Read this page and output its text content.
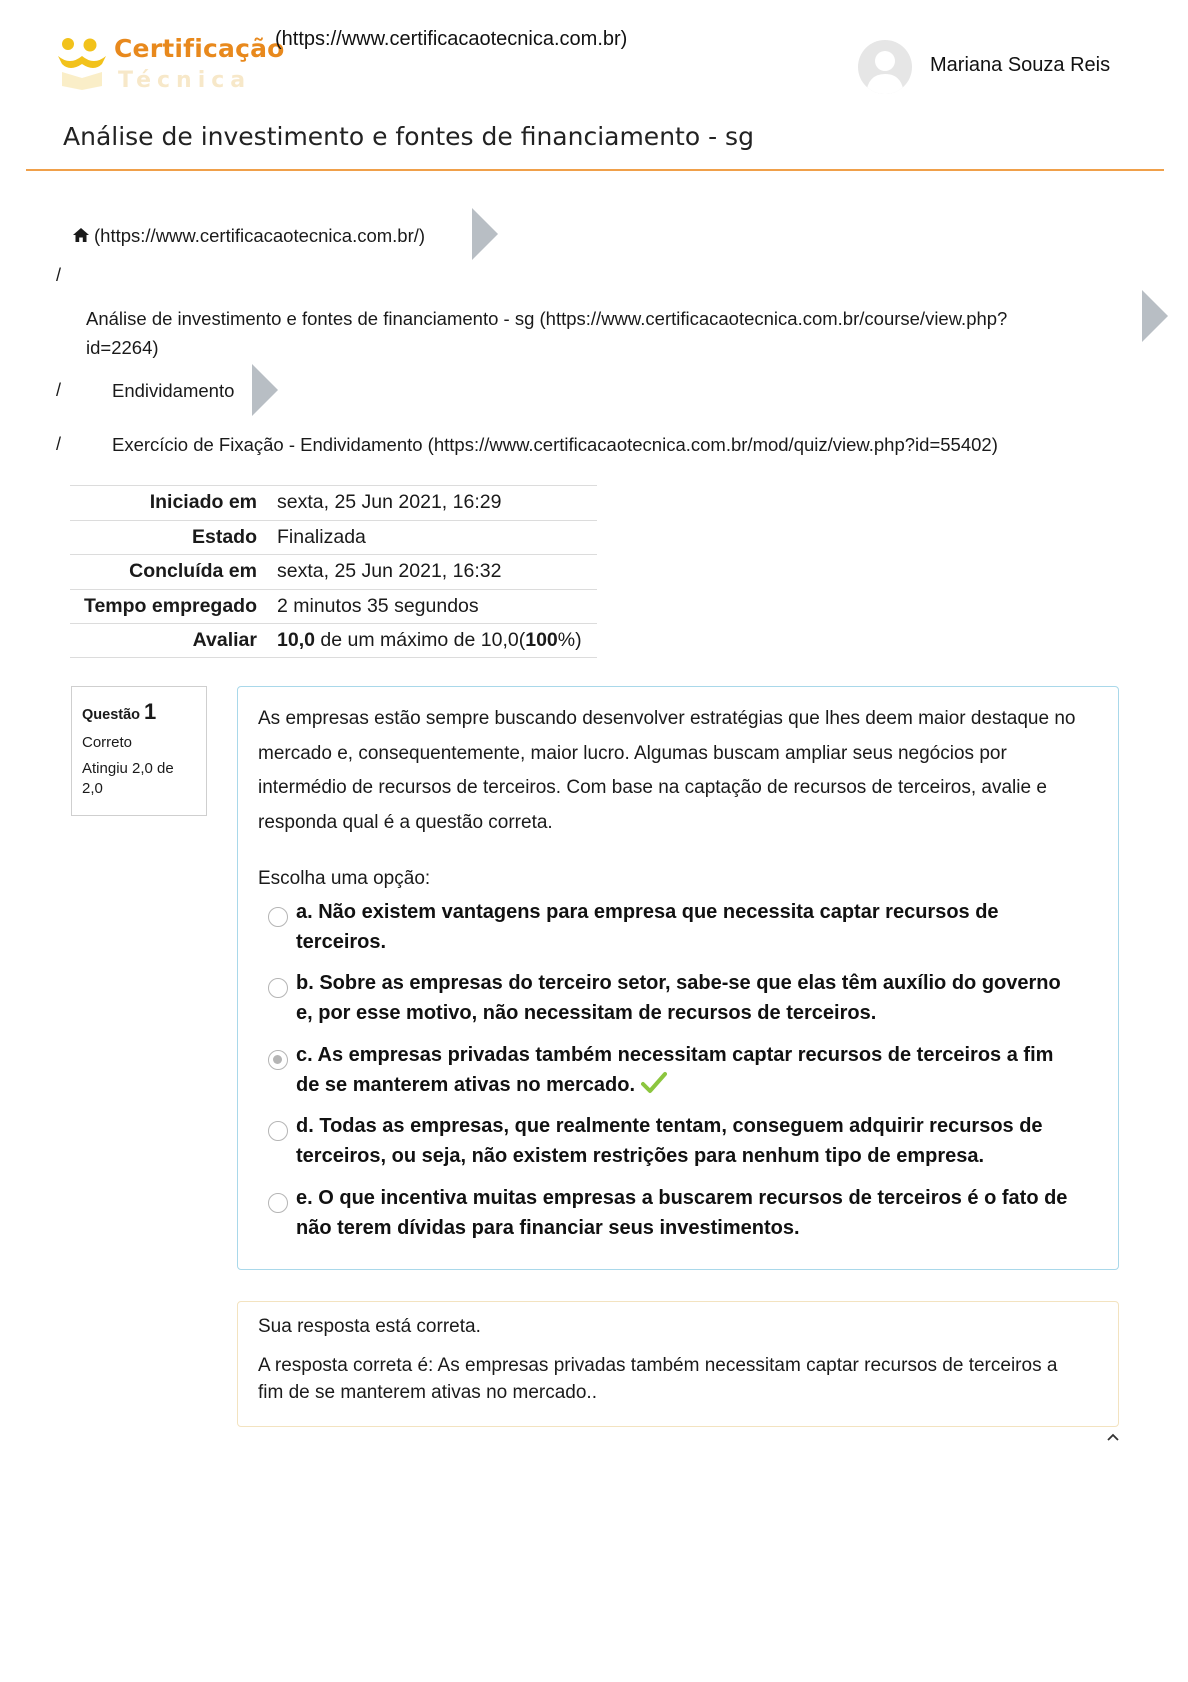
Certificação
Técnica
(https://www.certificacaotecnica.com.br)
Mariana Souza Reis
Análise de investimento e fontes de financiamento - sg
(https://www.certificacaotecnica.com.br/)
/
Análise de investimento e fontes de financiamento - sg (https://www.certificacaotecnica.com.br/course/view.php?
id=2264)
/	Endividamento
/	Exercício de Fixação - Endividamento (https://www.certificacaotecnica.com.br/mod/quiz/view.php?id=55402)
Iniciado em	sexta, 25 Jun 2021, 16:29
Estado	Finalizada
Concluída em	sexta, 25 Jun 2021, 16:32
Tempo empregado	2 minutos 35 segundos
Avaliar	10,0 de um máximo de 10,0(100%)
Questão 1
Correto
Atingiu 2,0 de 2,0
As empresas estão sempre buscando desenvolver estratégias que lhes deem maior destaque no mercado e, consequentemente, maior lucro. Algumas buscam ampliar seus negócios por intermédio de recursos de terceiros. Com base na captação de recursos de terceiros, avalie e responda qual é a questão correta.
Escolha uma opção:
a. Não existem vantagens para empresa que necessita captar recursos de terceiros.
b. Sobre as empresas do terceiro setor, sabe-se que elas têm auxílio do governo e, por esse motivo, não necessitam de recursos de terceiros.
c. As empresas privadas também necessitam captar recursos de terceiros a fim de se manterem ativas no mercado.
d. Todas as empresas, que realmente tentam, conseguem adquirir recursos de terceiros, ou seja, não existem restrições para nenhum tipo de empresa.
e. O que incentiva muitas empresas a buscarem recursos de terceiros é o fato de não terem dívidas para financiar seus investimentos.
Sua resposta está correta.
A resposta correta é: As empresas privadas também necessitam captar recursos de terceiros a fim de se manterem ativas no mercado..
